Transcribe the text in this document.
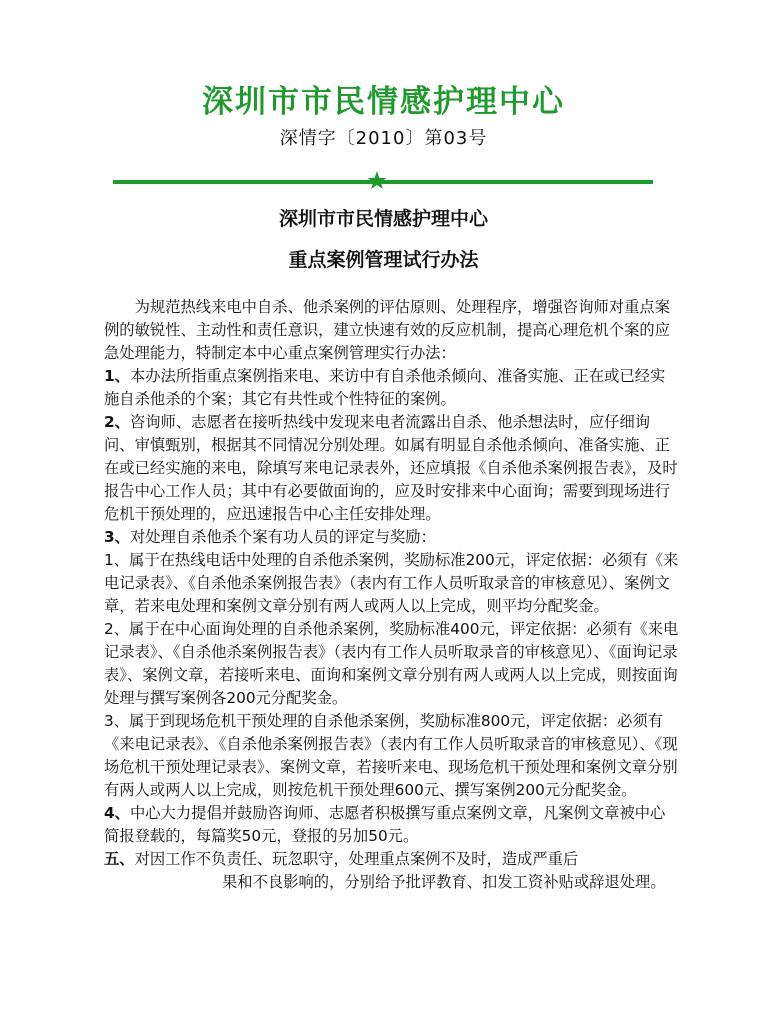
深圳市市民情感护理中心
深情字〔2010〕第03号
★
深圳市市民情感护理中心
重点案例管理试行办法

为规范热线来电中自杀、他杀案例的评估原则、处理程序，增强咨询师对重点案例的敏锐性、主动性和责任意识，建立快速有效的反应机制，提高心理危机个案的应急处理能力，特制定本中心重点案例管理实行办法：

1、本办法所指重点案例指来电、来访中有自杀他杀倾向、准备实施、正在或已经实施自杀他杀的个案；其它有共性或个性特征的案例。

2、咨询师、志愿者在接听热线中发现来电者流露出自杀、他杀想法时，应仔细询问、审慎甄别，根据其不同情况分别处理。如属有明显自杀他杀倾向、准备实施、正在或已经实施的来电，除填写来电记录表外，还应填报《自杀他杀案例报告表》，及时报告中心工作人员；其中有必要做面询的，应及时安排来中心面询；需要到现场进行危机干预处理的，应迅速报告中心主任安排处理。

3、对处理自杀他杀个案有功人员的评定与奖励：

1、属于在热线电话中处理的自杀他杀案例，奖励标准200元，评定依据：必须有《来电记录表》、《自杀他杀案例报告表》（表内有工作人员听取录音的审核意见）、案例文章，若来电处理和案例文章分别有两人或两人以上完成，则平均分配奖金。

2、属于在中心面询处理的自杀他杀案例，奖励标准400元，评定依据：必须有《来电记录表》、《自杀他杀案例报告表》（表内有工作人员听取录音的审核意见）、《面询记录表》、案例文章，若接听来电、面询和案例文章分别有两人或两人以上完成，则按面询处理与撰写案例各200元分配奖金。

3、属于到现场危机干预处理的自杀他杀案例，奖励标准800元，评定依据：必须有《来电记录表》、《自杀他杀案例报告表》（表内有工作人员听取录音的审核意见）、《现场危机干预处理记录表》、案例文章，若接听来电、现场危机干预处理和案例文章分别有两人或两人以上完成，则按危机干预处理600元、撰写案例200元分配奖金。

4、中心大力提倡并鼓励咨询师、志愿者积极撰写重点案例文章，凡案例文章被中心简报登载的，每篇奖50元，登报的另加50元。

五、对因工作不负责任、玩忽职守，处理重点案例不及时，造成严重后

果和不良影响的，分别给予批评教育、扣发工资补贴或辞退处理。
